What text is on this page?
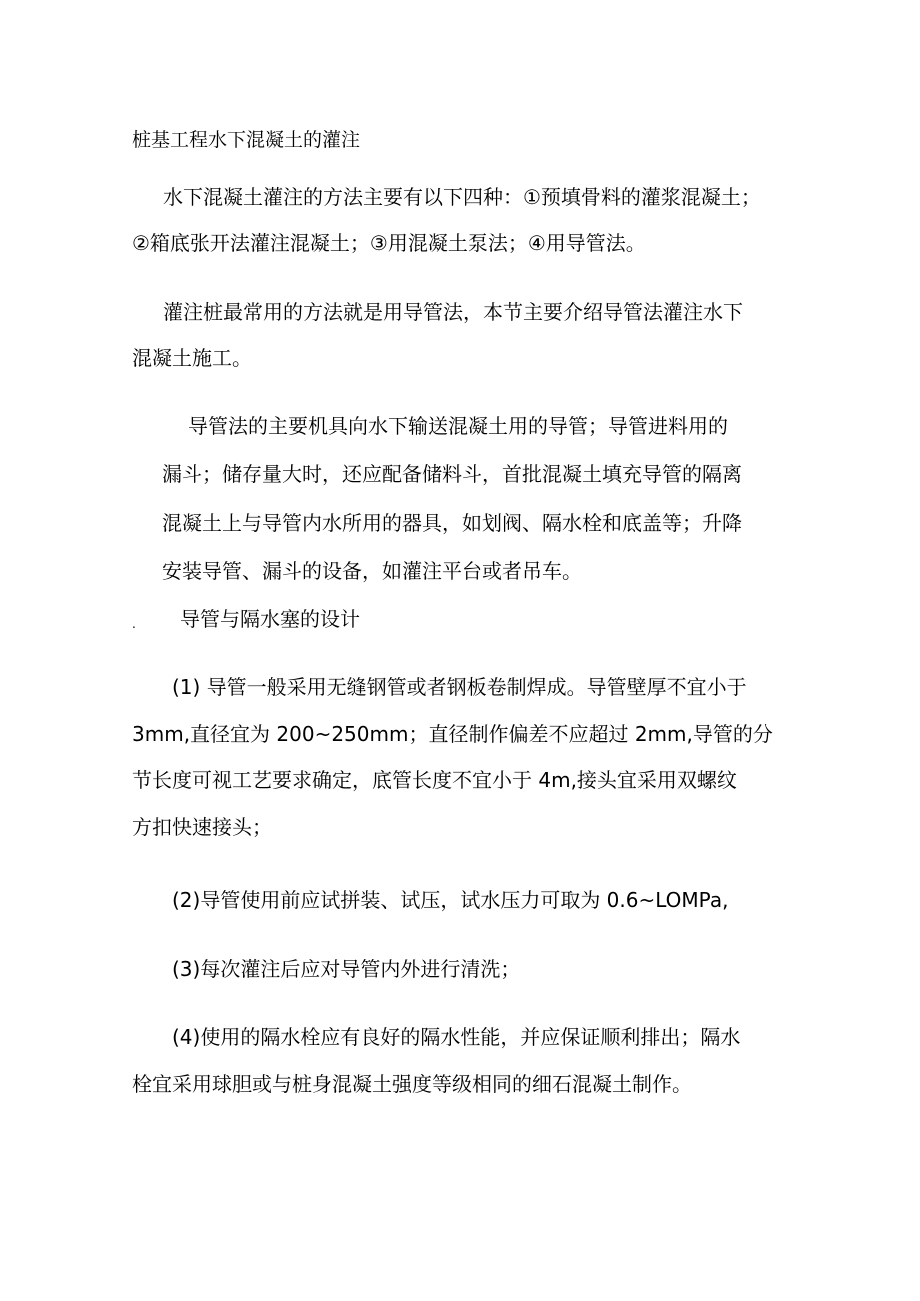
桩基工程水下混凝土的灌注
水下混凝土灌注的方法主要有以下四种：①预填骨料的灌浆混凝土；
②箱底张开法灌注混凝土；③用混凝土泵法；④用导管法。
灌注桩最常用的方法就是用导管法，本节主要介绍导管法灌注水下
混凝土施工。
导管法的主要机具向水下输送混凝土用的导管；导管进料用的
漏斗；储存量大时，还应配备储料斗，首批混凝土填充导管的隔离
混凝土上与导管内水所用的器具，如划阀、隔水栓和底盖等；升降
安装导管、漏斗的设备，如灌注平台或者吊车。
. 导管与隔水塞的设计
(1) 导管一般采用无缝钢管或者钢板卷制焊成。导管壁厚不宜小于
3mm,直径宜为 200~250mm；直径制作偏差不应超过 2mm,导管的分
节长度可视工艺要求确定，底管长度不宜小于 4m,接头宜采用双螺纹
方扣快速接头；
(2)导管使用前应试拼装、试压，试水压力可取为 0.6~LOMPa,
(3)每次灌注后应对导管内外进行清洗；
(4)使用的隔水栓应有良好的隔水性能，并应保证顺利排出；隔水
栓宜采用球胆或与桩身混凝土强度等级相同的细石混凝土制作。
